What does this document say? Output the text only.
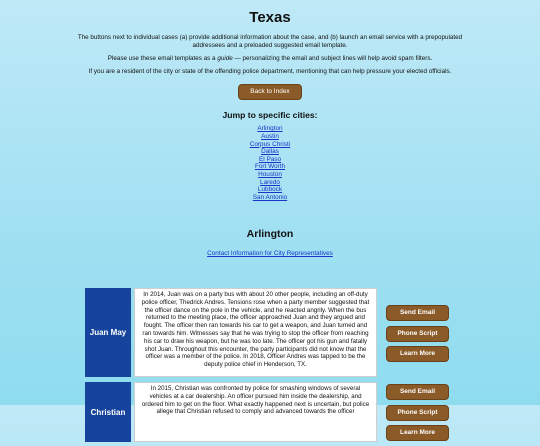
Texas

The buttons next to individual cases (a) provide additional information about the case, and (b) launch an email service with a prepopulated addressees and a preloaded suggested email template.

Please use these email templates as a guide — personalizing the email and subject lines will help avoid spam filters.

If you are a resident of the city or state of the offending police department, mentioning that can help pressure your elected officials.

Back to Index
Jump to specific cities:
Arlington
Austin
Corpus Christi
Dallas
El Paso
Fort Worth
Houston
Laredo
Lubbock
San Antonio
Arlington
Contact Information for City Representatives
Juan May
In 2014, Juan was on a party bus with about 20 other people, including an off-duty police officer, Thedrick Andres. Tensions rose when a party member suggested that the officer dance on the pole in the vehicle, and he reacted angrily. When the bus returned to the meeting place, the officer approached Juan and they argued and fought. The officer then ran towards his car to get a weapon, and Juan turned and ran towards him. Witnesses say that he was trying to stop the officer from reaching his car to draw his weapon, but he was too late. The officer got his gun and fatally shot Juan. Throughout this encounter, the party participants did not know that the officer was a member of the police. In 2018, Officer Andres was tapped to be the deputy police chief in Henderson, TX.
Send Email
Phone Script
Learn More
Christian
In 2015, Christian was confronted by police for smashing windows of several vehicles at a car dealership. An officer pursued him inside the dealership, and ordered him to get on the floor. What exactly happened next is uncertain, but police allege that Christian refused to comply and advanced towards the officer
Send Email
Phone Script
Learn More
